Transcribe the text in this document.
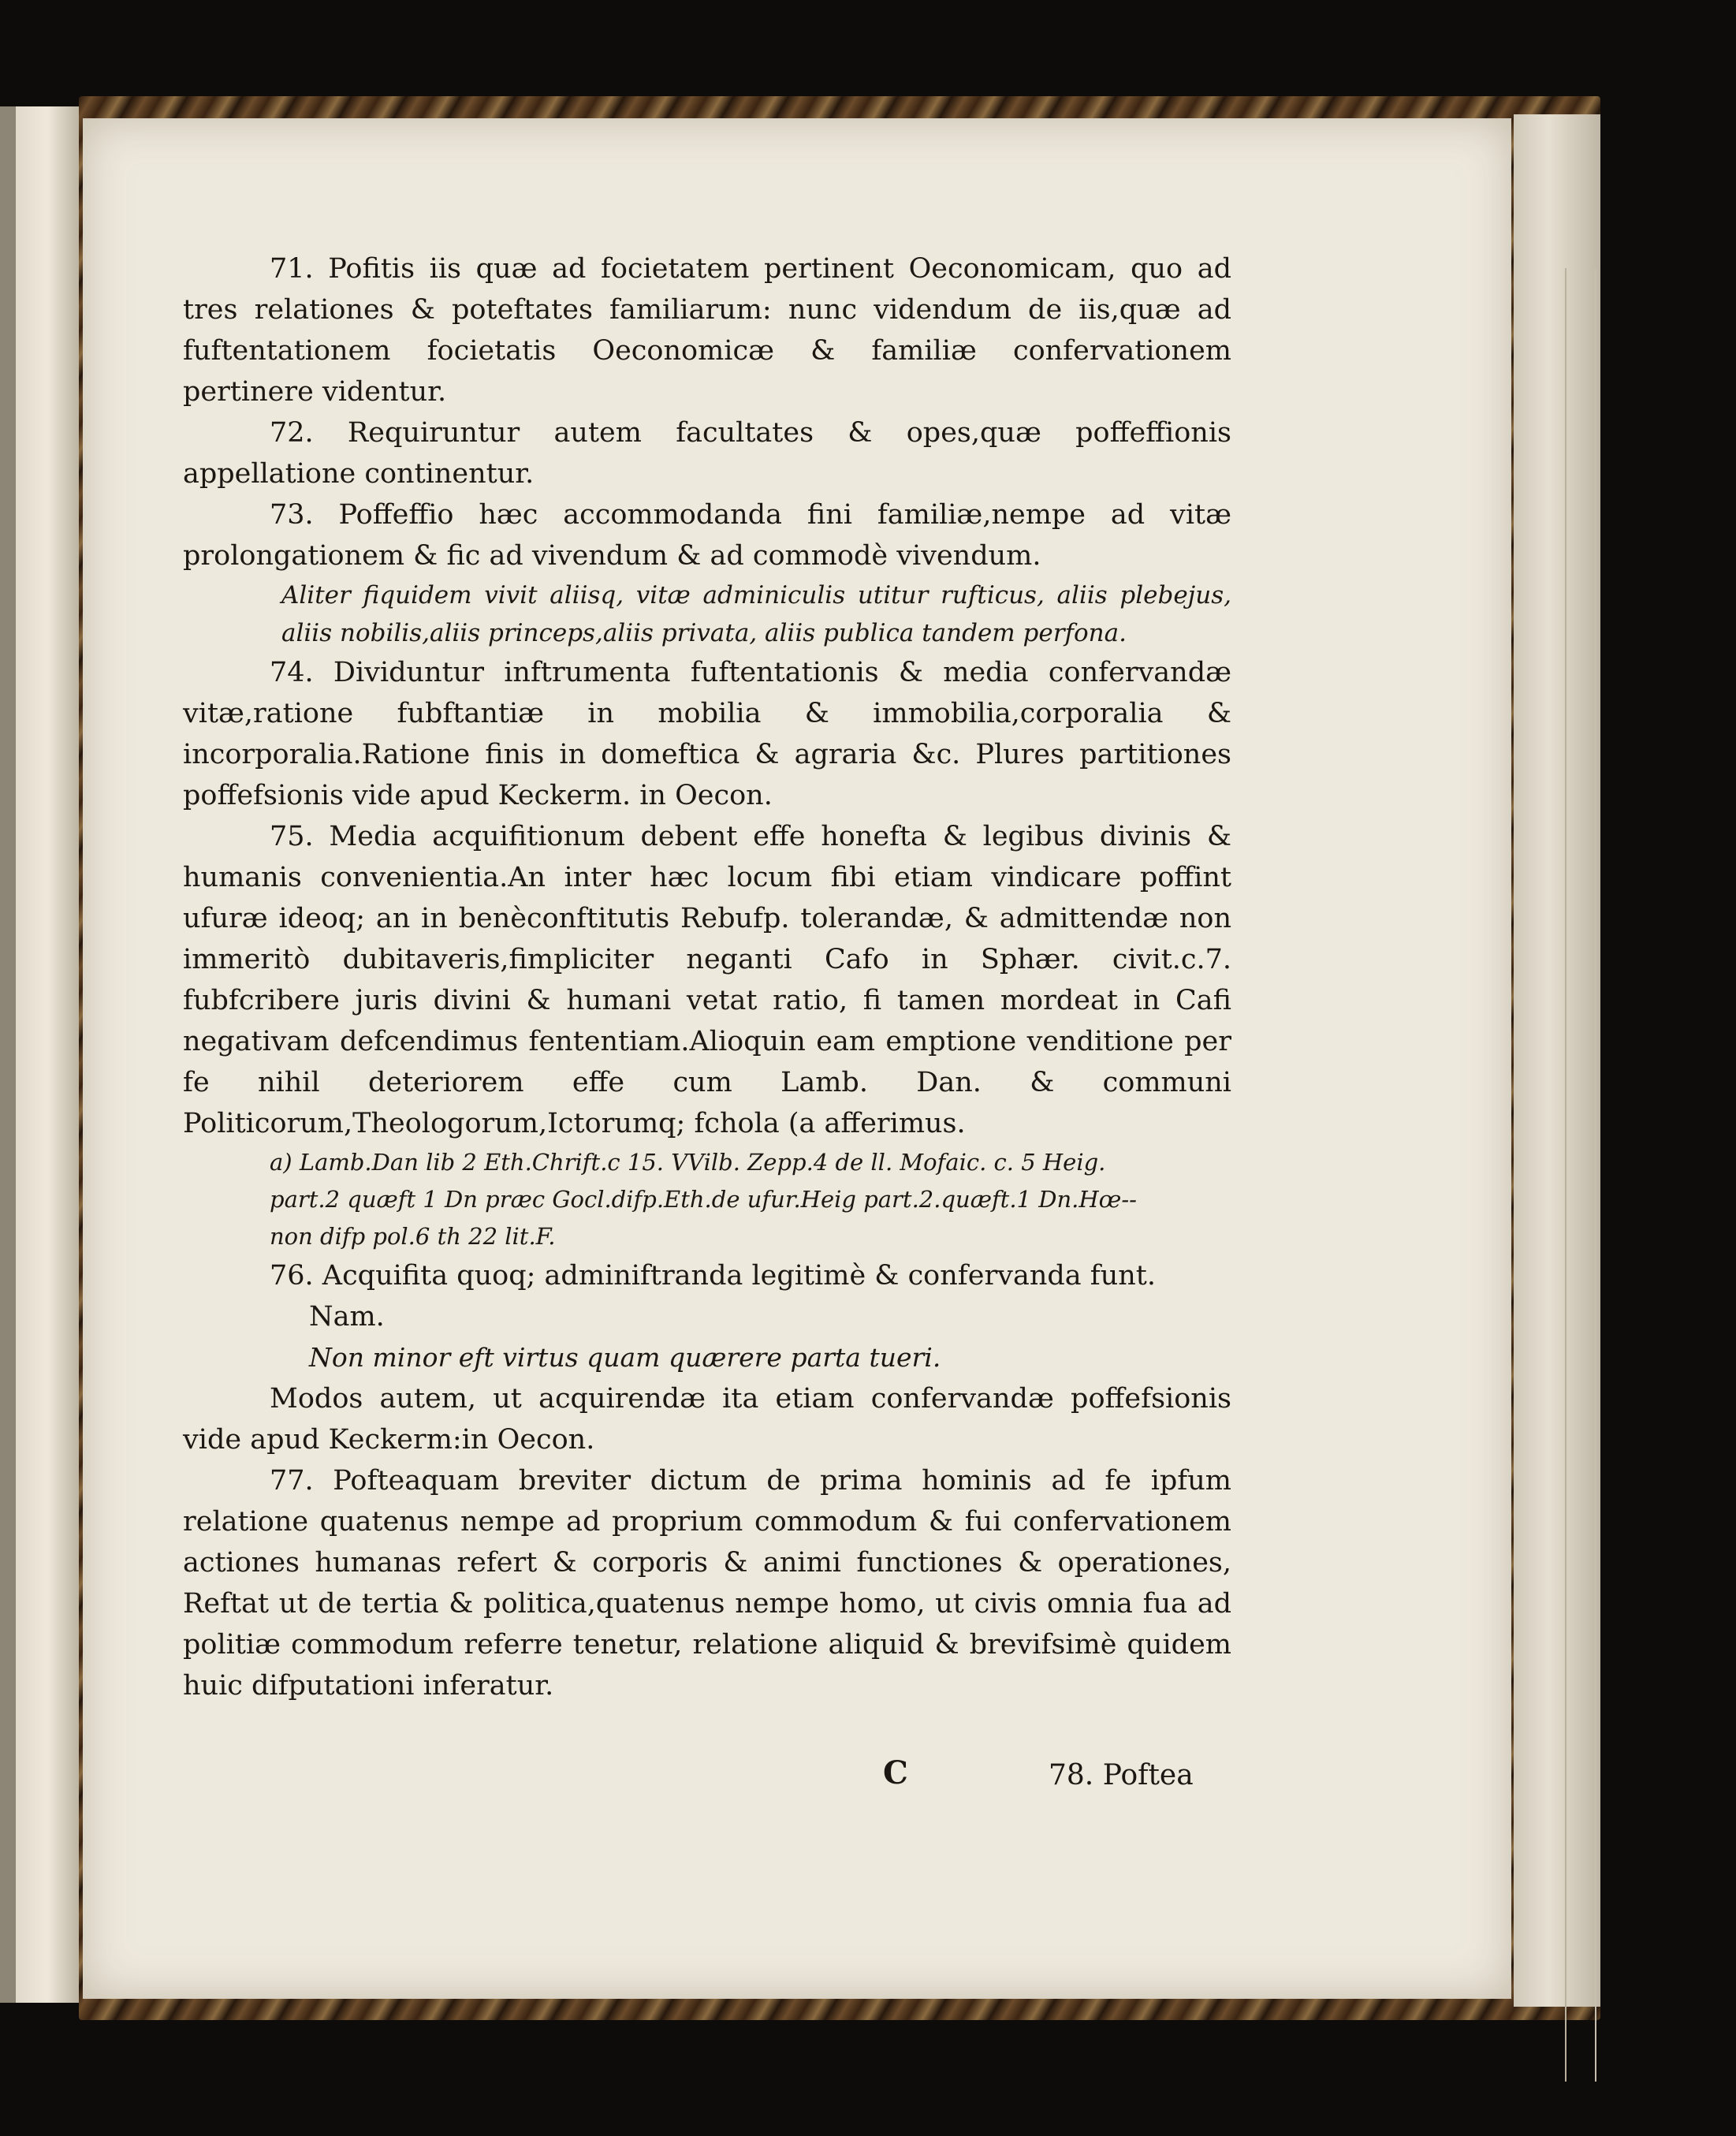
71. Pofitis iis quæ ad focietatem pertinent Oeconomicam, quo ad tres relationes & poteftates familiarum: nunc videndum de iis,quæ ad fuftentationem focietatis Oeconomicæ & familiæ confervationem pertinere videntur.

72. Requiruntur autem facultates & opes,quæ poffeffionis appellatione continentur.

73. Poffeffio hæc accommodanda fini familiæ,nempe ad vitæ prolongationem & fic ad vivendum & ad commodè vivendum.

Aliter fiquidem vivit aliisq, vitæ adminiculis utitur rufticus, aliis plebejus, aliis nobilis,aliis princeps,aliis privata, aliis publica tandem perfona.

74. Dividuntur inftrumenta fuftentationis & media confervandæ vitæ,ratione fubftantiæ in mobilia & immobilia,corporalia & incorporalia.Ratione finis in domeftica & agraria &c. Plures partitiones poffefsionis vide apud Keckerm. in Oecon.

75. Media acquifitionum debent effe honefta & legibus divinis & humanis convenientia.An inter hæc locum fibi etiam vindicare poffint ufuræ ideoq; an in benèconftitutis Rebufp. tolerandæ, & admittendæ non immeritò dubitaveris,fimpliciter neganti Cafo in Sphær. civit.c.7. fubfcribere juris divini & humani vetat ratio, fi tamen mordeat in Cafi negativam defcendimus fententiam.Alioquin eam emptione venditione per fe nihil deteriorem effe cum Lamb. Dan. & communi Politicorum,Theologorum,Ictorumq; fchola (a afferimus.

a) Lamb.Dan lib 2 Eth.Chrift.c 15. VVilb. Zepp.4 de ll. Mofaic. c. 5 Heig.

part.2 quæft 1 Dn præc Gocl.difp.Eth.de ufur.Heig part.2.quæft.1 Dn.Hœ--

non difp pol.6 th 22 lit.F.

76. Acquifita quoq; adminiftranda legitimè & confervanda funt.

Nam.

Non minor eft virtus quam quærere parta tueri.

Modos autem, ut acquirendæ ita etiam confervandæ poffefsionis vide apud Keckerm:in Oecon.

77. Pofteaquam breviter dictum de prima hominis ad fe ipfum relatione quatenus nempe ad proprium commodum & fui confervationem actiones humanas refert & corporis & animi functiones & operationes, Reftat ut de tertia & politica,quatenus nempe homo, ut civis omnia fua ad politiæ commodum referre tenetur, relatione aliquid & brevifsimè quidem huic difputationi inferatur.

C	78. Poftea
